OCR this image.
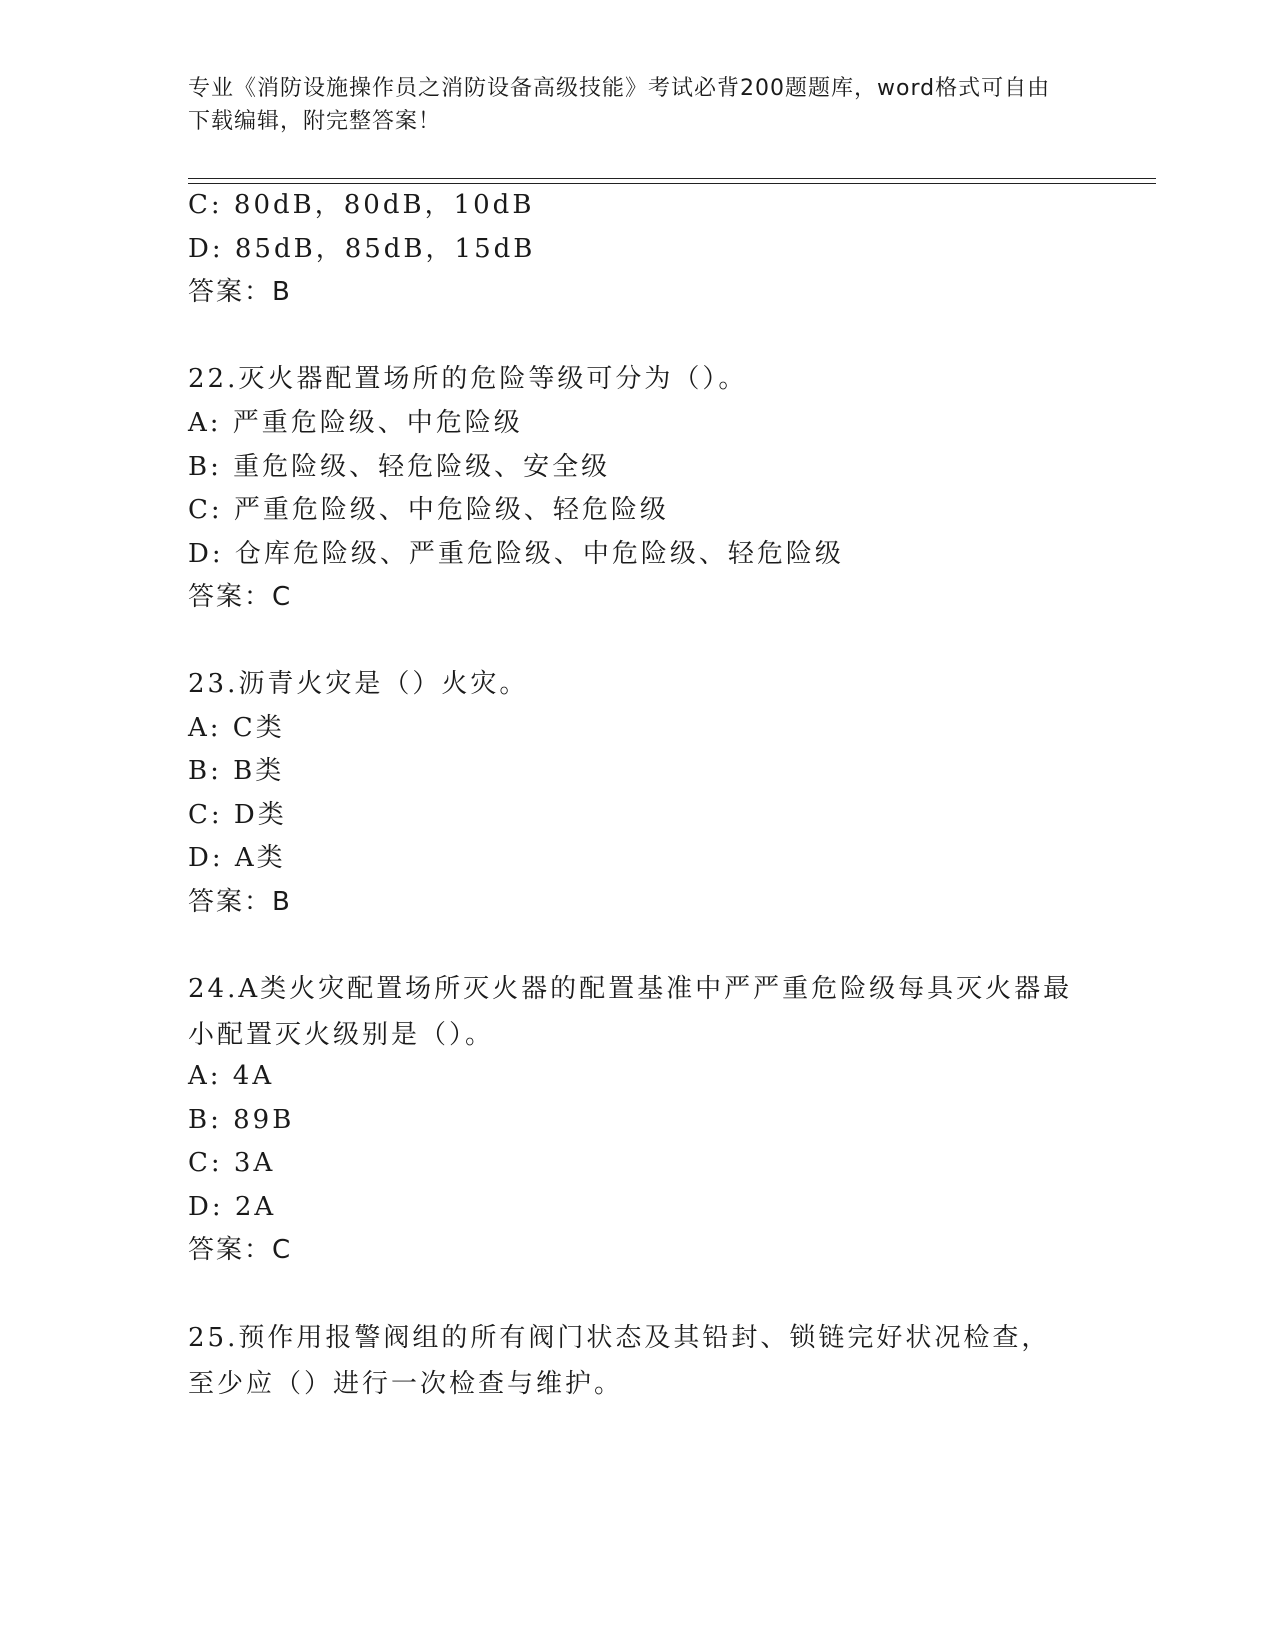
专业《消防设施操作员之消防设备高级技能》考试必背200题题库，word格式可自由下载编辑，附完整答案！
C: 80dB，80dB，10dB
D: 85dB，85dB，15dB
答案：B
22.灭火器配置场所的危险等级可分为（）。
A: 严重危险级、中危险级
B: 重危险级、轻危险级、安全级
C: 严重危险级、中危险级、轻危险级
D: 仓库危险级、严重危险级、中危险级、轻危险级
答案：C
23.沥青火灾是（）火灾。
A: C类
B: B类
C: D类
D: A类
答案：B
24.A类火灾配置场所灭火器的配置基准中严严重危险级每具灭火器最小配置灭火级别是（）。
A: 4A
B: 89B
C: 3A
D: 2A
答案：C
25.预作用报警阀组的所有阀门状态及其铅封、锁链完好状况检查，至少应（）进行一次检查与维护。
